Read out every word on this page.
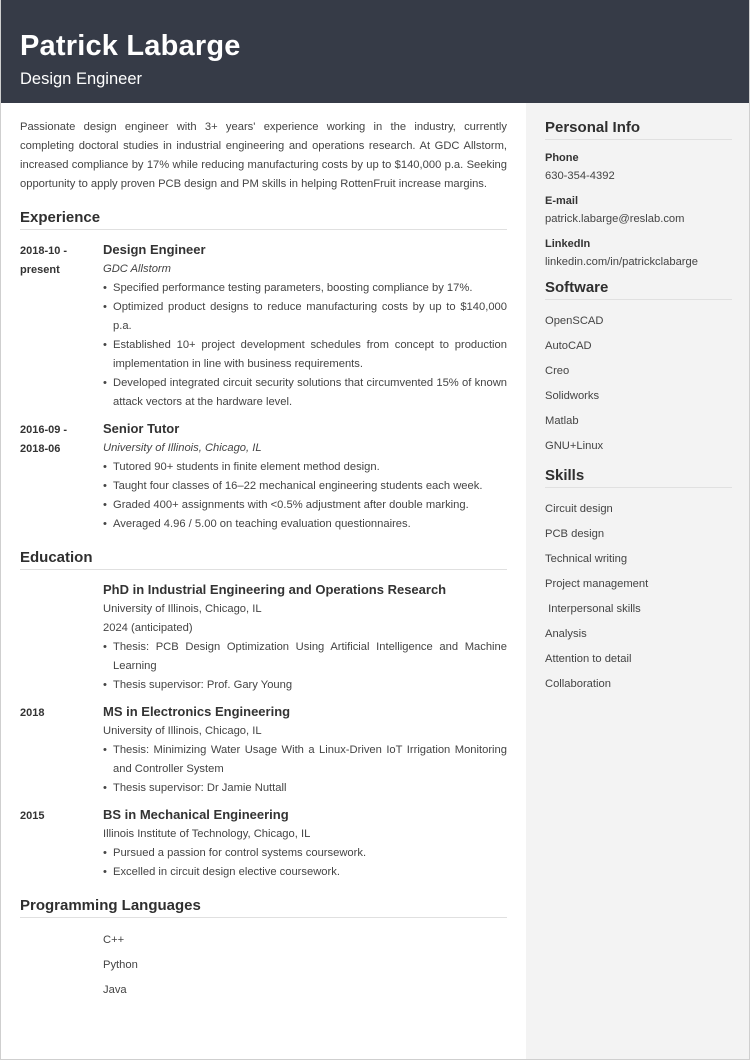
Patrick Labarge
Design Engineer

Passionate design engineer with 3+ years' experience working in the industry, currently completing doctoral studies in industrial engineering and operations research. At GDC Allstorm, increased compliance by 17% while reducing manufacturing costs by up to $140,000 p.a. Seeking opportunity to apply proven PCB design and PM skills in helping RottenFruit increase margins.

Experience
2018-10 -
present
Design Engineer
GDC Allstorm
• Specified performance testing parameters, boosting compliance by 17%.
• Optimized product designs to reduce manufacturing costs by up to $140,000 p.a.
• Established 10+ project development schedules from concept to production implementation in line with business requirements.
• Developed integrated circuit security solutions that circumvented 15% of known attack vectors at the hardware level.
2016-09 -
2018-06
Senior Tutor
University of Illinois, Chicago, IL
• Tutored 90+ students in finite element method design.
• Taught four classes of 16–22 mechanical engineering students each week.
• Graded 400+ assignments with <0.5% adjustment after double marking.
• Averaged 4.96 / 5.00 on teaching evaluation questionnaires.
Education
PhD in Industrial Engineering and Operations Research
University of Illinois, Chicago, IL
2024 (anticipated)
• Thesis: PCB Design Optimization Using Artificial Intelligence and Machine Learning
• Thesis supervisor: Prof. Gary Young
2018	MS in Electronics Engineering
University of Illinois, Chicago, IL
• Thesis: Minimizing Water Usage With a Linux-Driven IoT Irrigation Monitoring and Controller System
• Thesis supervisor: Dr Jamie Nuttall
2015	BS in Mechanical Engineering
Illinois Institute of Technology, Chicago, IL
• Pursued a passion for control systems coursework.
• Excelled in circuit design elective coursework.
Programming Languages
C++
Python
Java
Personal Info
Phone
630-354-4392
E-mail
patrick.labarge@reslab.com
LinkedIn
linkedin.com/in/patrickclabarge
Software
OpenSCAD
AutoCAD
Creo
Solidworks
Matlab
GNU+Linux
Skills
Circuit design
PCB design
Technical writing
Project management
Interpersonal skills
Analysis
Attention to detail
Collaboration
